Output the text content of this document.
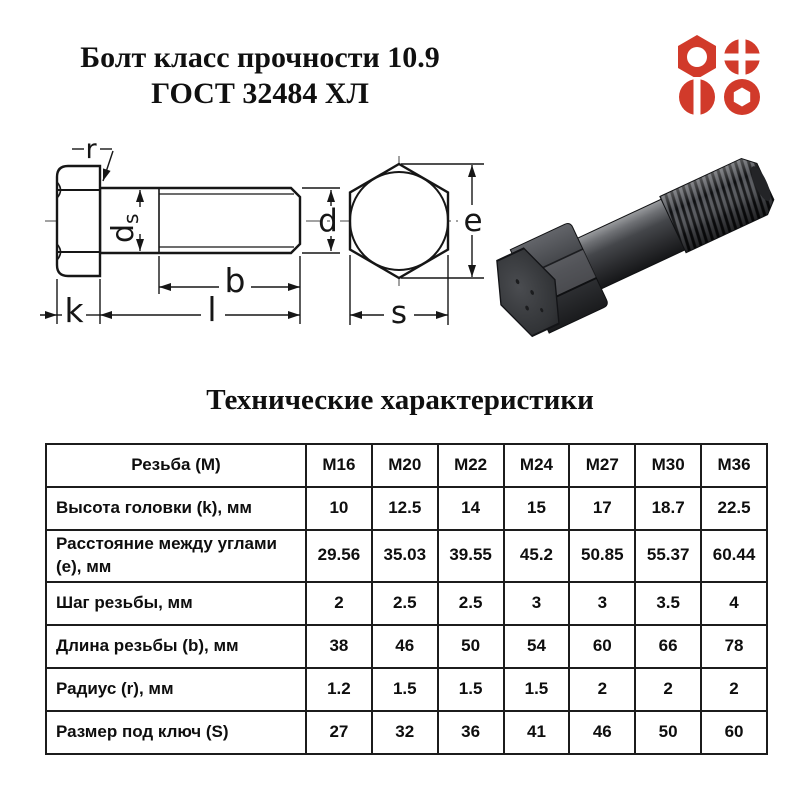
Болт класс прочности 10.9
ГОСТ 32484 ХЛ
r
ds	d
b
l
k
e
s
Технические характеристики
Резьба (М)	М16	М20	М22	М24	М27	М30	М36
Высота головки (k), мм	10	12.5	14	15	17	18.7	22.5
Расстояние между углами (е), мм	29.56	35.03	39.55	45.2	50.85	55.37	60.44
Шаг резьбы, мм	2	2.5	2.5	3	3	3.5	4
Длина резьбы (b), мм	38	46	50	54	60	66	78
Радиус (r), мм	1.2	1.5	1.5	1.5	2	2	2
Размер под ключ (S)	27	32	36	41	46	50	60
